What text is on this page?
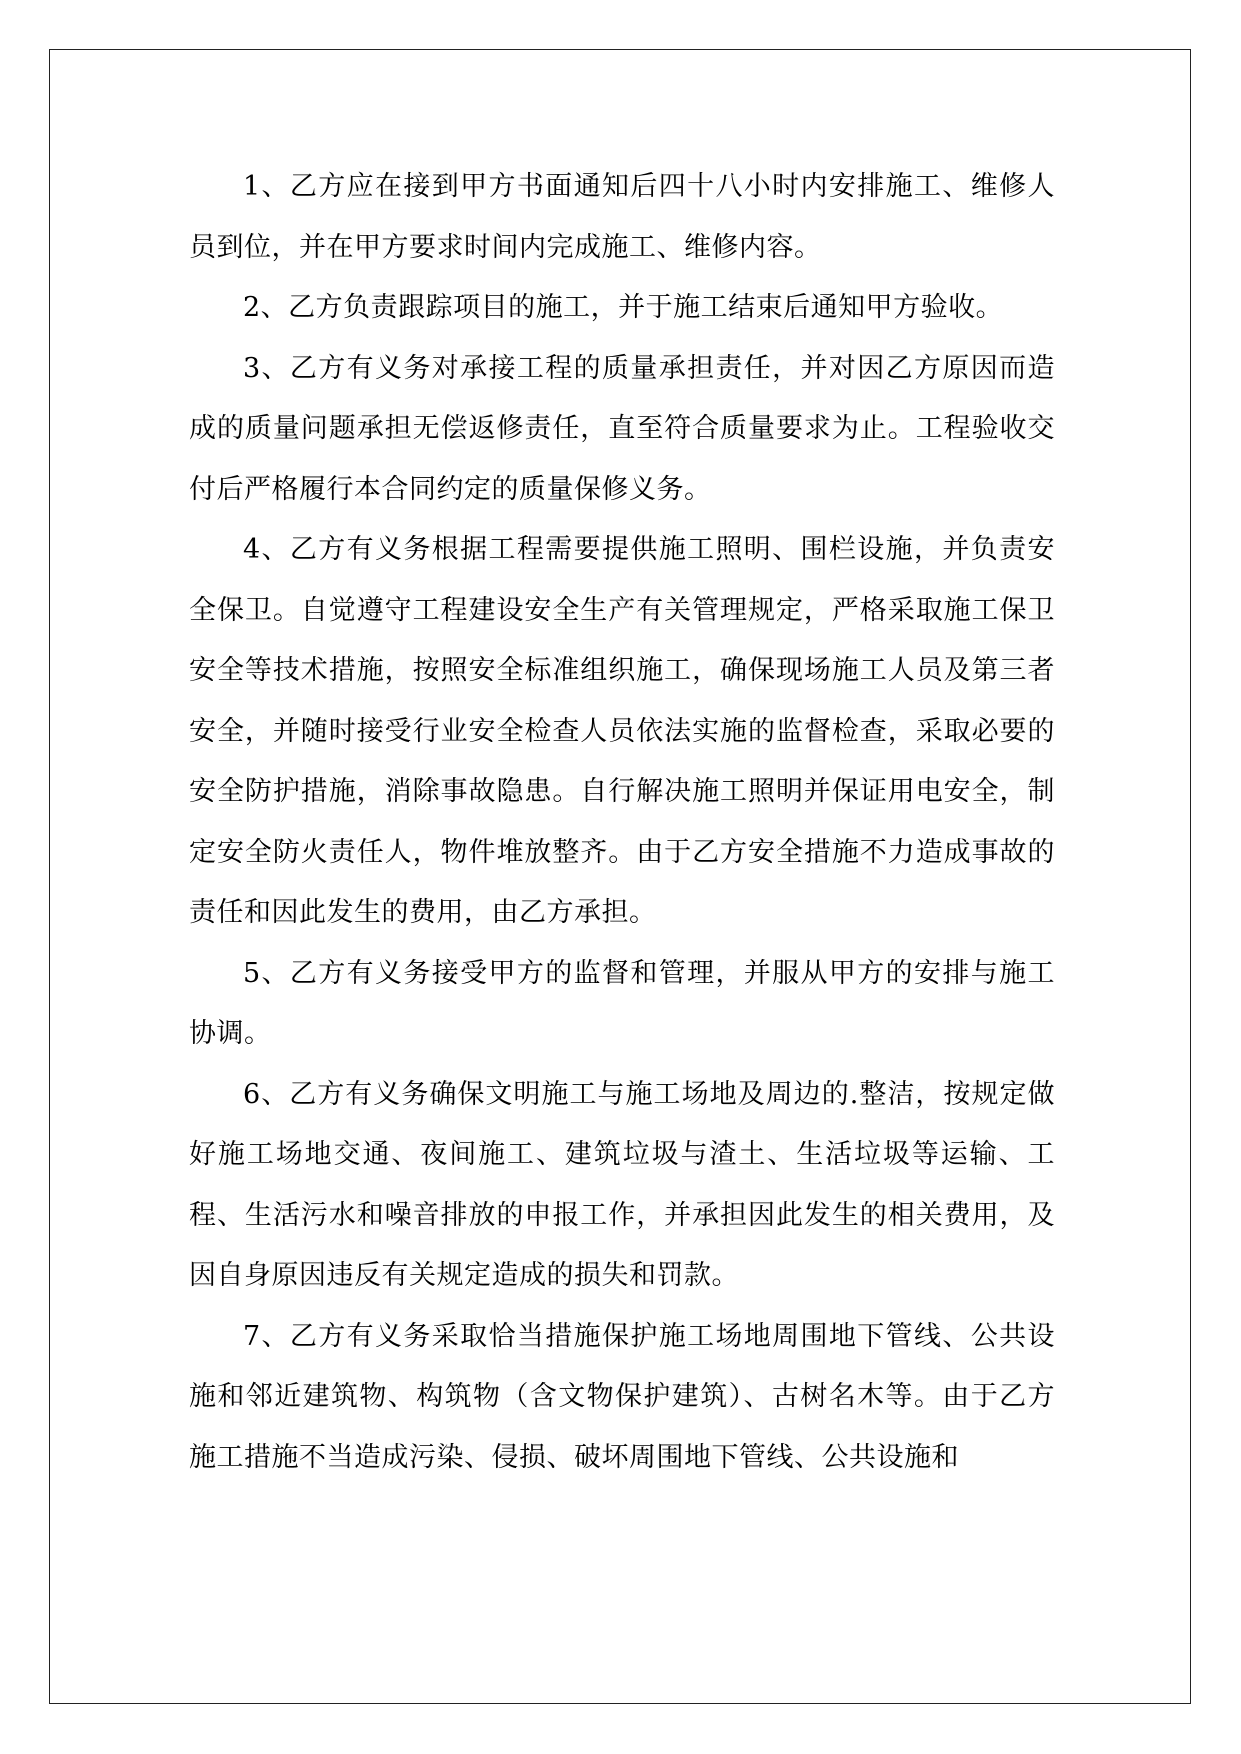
1、乙方应在接到甲方书面通知后四十八小时内安排施工、维修人员到位，并在甲方要求时间内完成施工、维修内容。

2、乙方负责跟踪项目的施工，并于施工结束后通知甲方验收。

3、乙方有义务对承接工程的质量承担责任，并对因乙方原因而造成的质量问题承担无偿返修责任，直至符合质量要求为止。工程验收交付后严格履行本合同约定的质量保修义务。

4、乙方有义务根据工程需要提供施工照明、围栏设施，并负责安全保卫。自觉遵守工程建设安全生产有关管理规定，严格采取施工保卫安全等技术措施，按照安全标准组织施工，确保现场施工人员及第三者安全，并随时接受行业安全检查人员依法实施的监督检查，采取必要的安全防护措施，消除事故隐患。自行解决施工照明并保证用电安全，制定安全防火责任人，物件堆放整齐。由于乙方安全措施不力造成事故的责任和因此发生的费用，由乙方承担。

5、乙方有义务接受甲方的监督和管理，并服从甲方的安排与施工协调。

6、乙方有义务确保文明施工与施工场地及周边的.整洁，按规定做好施工场地交通、夜间施工、建筑垃圾与渣土、生活垃圾等运输、工程、生活污水和噪音排放的申报工作，并承担因此发生的相关费用，及因自身原因违反有关规定造成的损失和罚款。

7、乙方有义务采取恰当措施保护施工场地周围地下管线、公共设施和邻近建筑物、构筑物（含文物保护建筑）、古树名木等。由于乙方施工措施不当造成污染、侵损、破坏周围地下管线、公共设施和
